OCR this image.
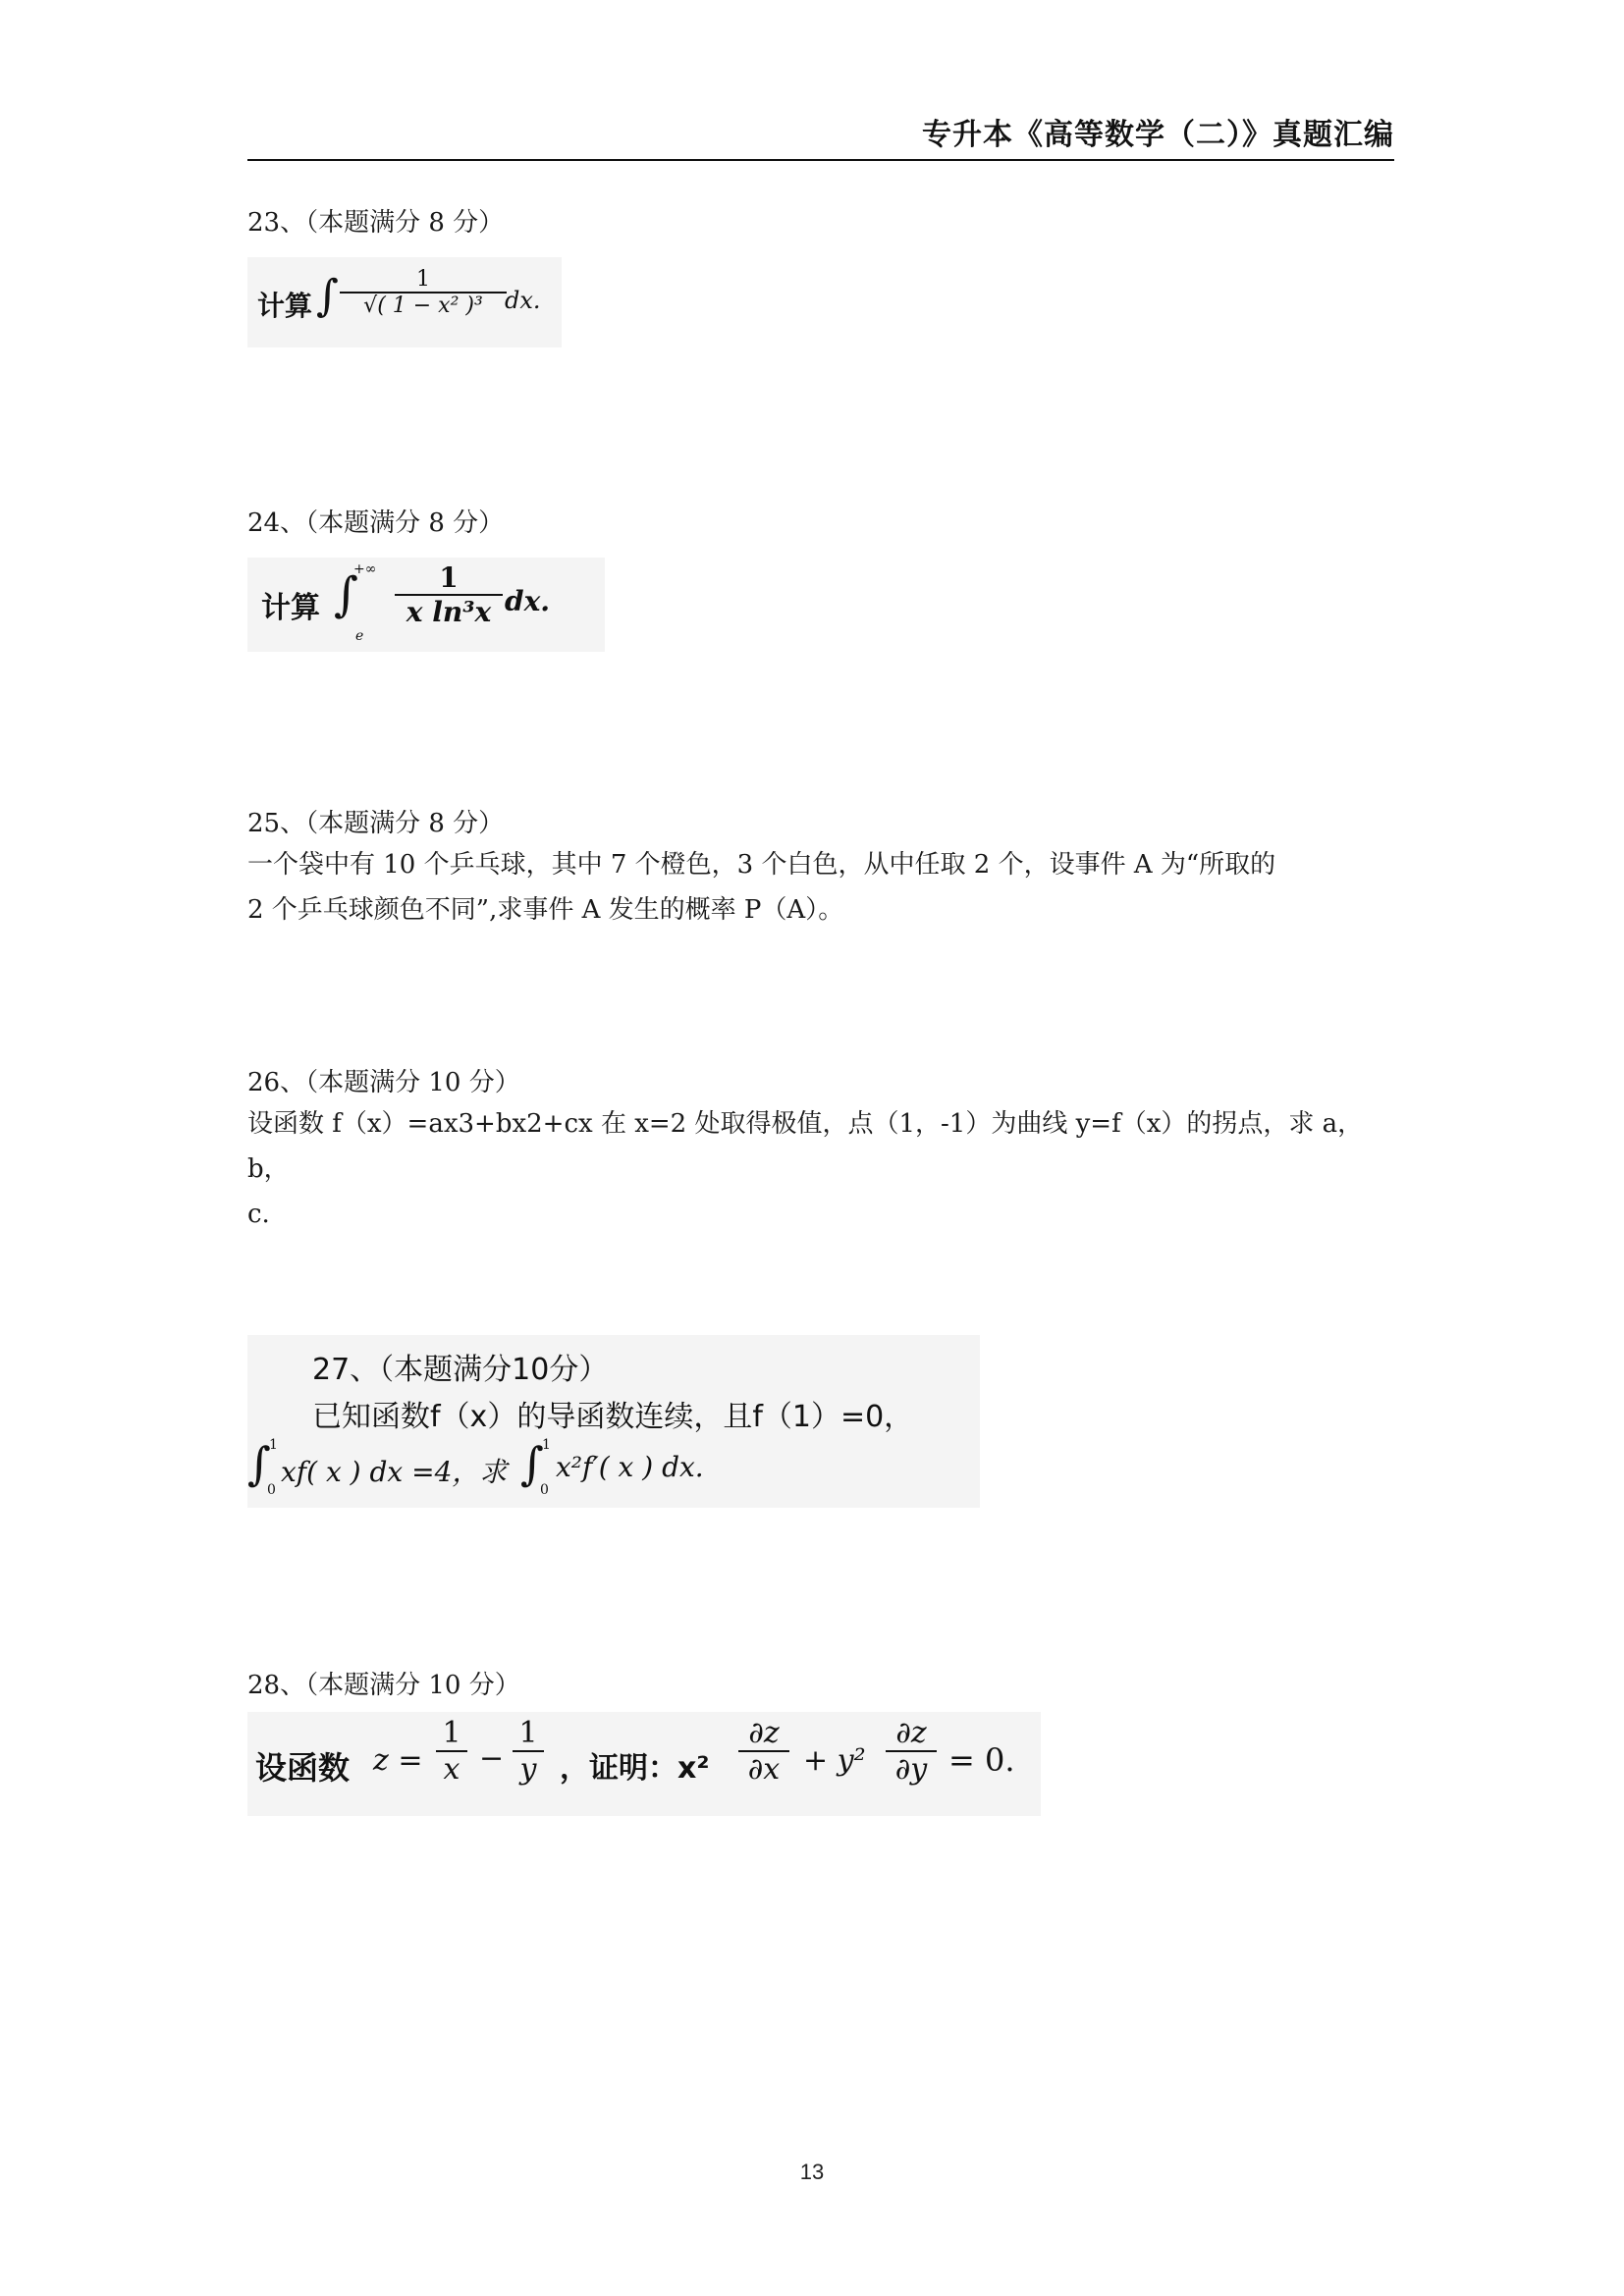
专升本《高等数学（二）》真题汇编
23、（本题满分 8 分）
计算 ∫	1
√( 1 − x² )³ dx.
24、（本题满分 8 分）
计算 ∫
+∞
e
1
x ln³x dx.
25、（本题满分 8 分）
一个袋中有 10 个乒乓球，其中 7 个橙色，3 个白色，从中任取 2 个，设事件 A 为“所取的
2 个乒乓球颜色不同”,求事件 A 发生的概率 P（A）。
26、（本题满分 10 分）
设函数 f（x）=ax3+bx2+cx 在 x=2 处取得极值，点（1，-1）为曲线 y=f（x）的拐点，求 a，b，
c.
27、（本题满分10分）
已知函数f（x）的导函数连续，且f（1）=0，
∫
1
0
xf( x ) dx =4，求 ∫
1
0
x²f′( x ) dx.
28、（本题满分 10 分）
设函数 z =
1
x −
1
y ，证明：x²
∂z
∂x + y²
∂z
∂y = 0.
13
